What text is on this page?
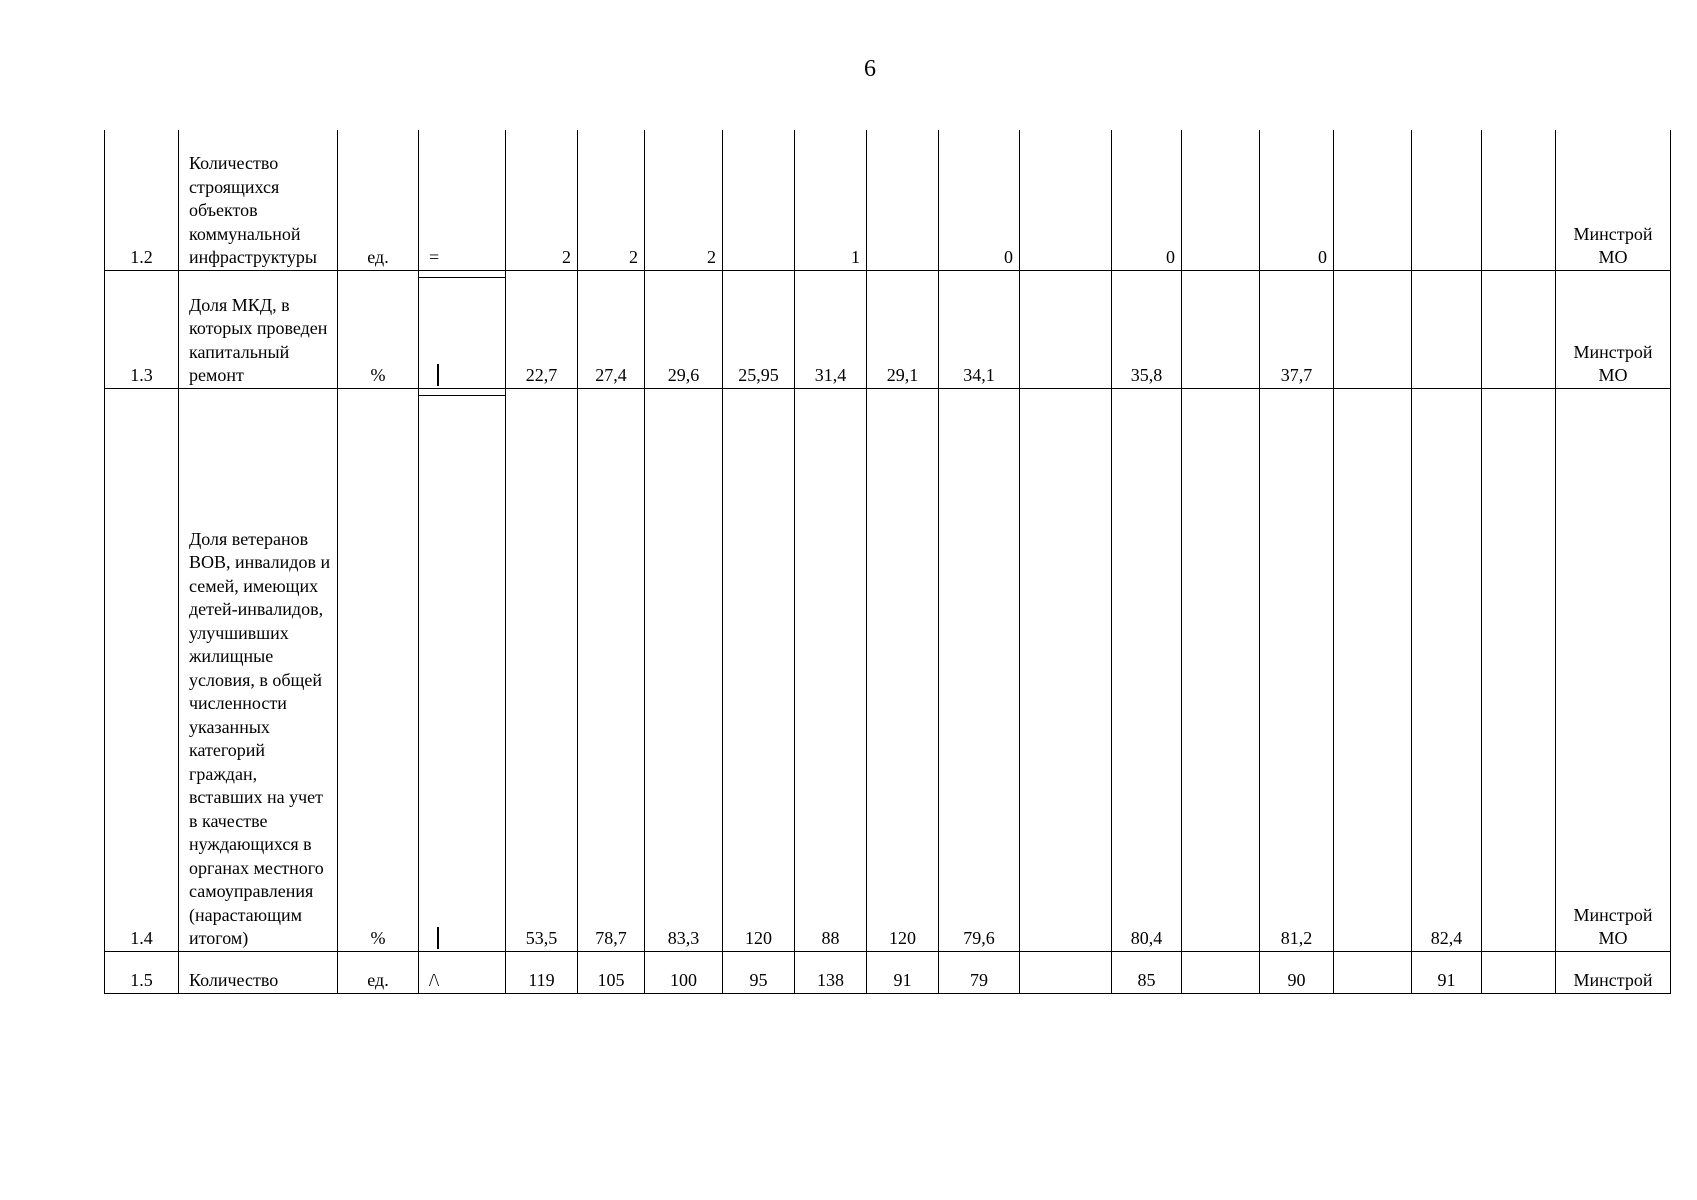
6
1.2	Количество строящихся объектов коммунальной инфраструктуры	ед.	=	2	2	2		1		0		0		0				Минстрой МО
1.3	Доля МКД, в которых проведен капитальный ремонт	%		22,7	27,4	29,6	25,95	31,4	29,1	34,1		35,8		37,7				Минстрой МО
1.4	Доля ветеранов ВОВ, инвалидов и семей, имеющих детей-инвалидов, улучшивших жилищные условия, в общей численности указанных категорий граждан, вставших на учет в качестве нуждающихся в органах местного самоуправления (нарастающим итогом)	%		53,5	78,7	83,3	120	88	120	79,6		80,4		81,2		82,4		Минстрой МО
1.5	Количество	ед.	/\	119	105	100	95	138	91	79		85		90		91		Минстрой
